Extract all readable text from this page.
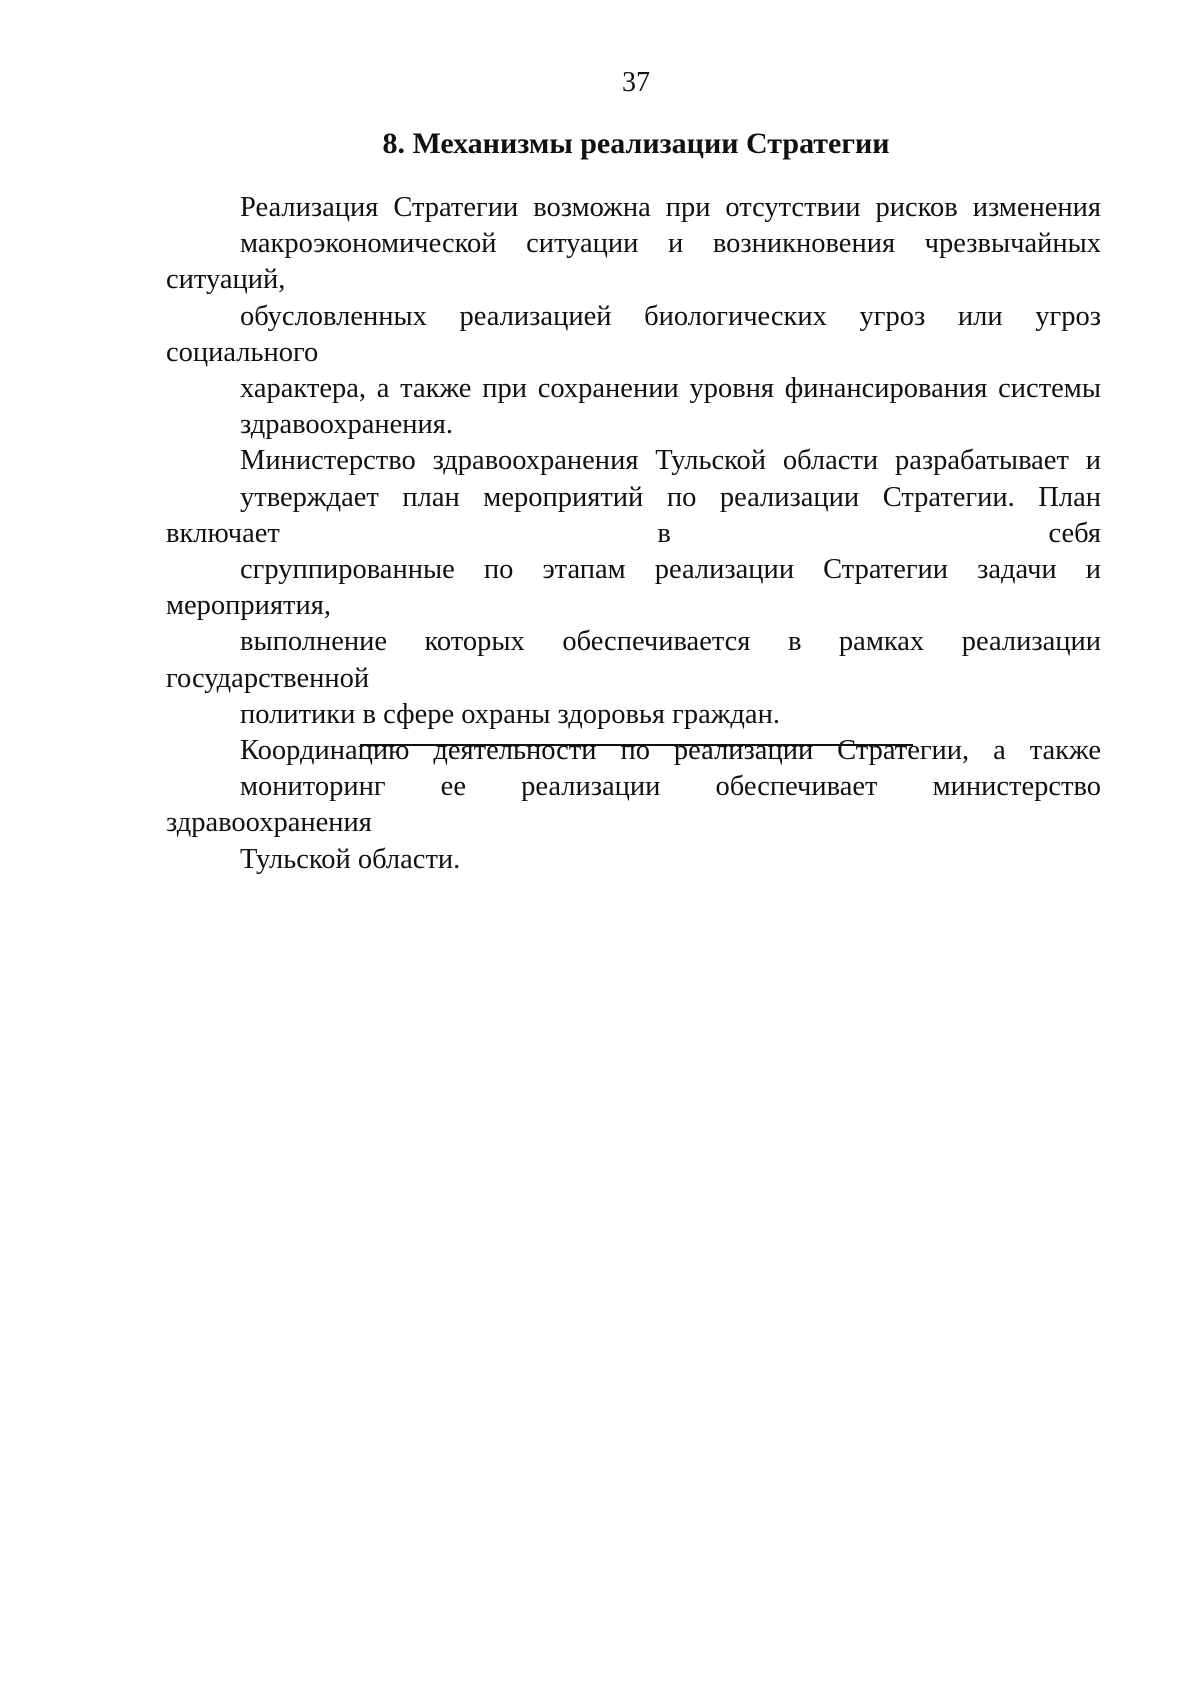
37
8. Механизмы реализации Стратегии

Реализация Стратегии возможна при отсутствии рисков изменения
макроэкономической ситуации и возникновения чрезвычайных ситуаций,
обусловленных реализацией биологических угроз или угроз социального
характера, а также при сохранении уровня финансирования системы
здравоохранения.

Министерство здравоохранения Тульской области разрабатывает и
утверждает план мероприятий по реализации Стратегии. План включает в себя
сгруппированные по этапам реализации Стратегии задачи и мероприятия,
выполнение которых обеспечивается в рамках реализации государственной
политики в сфере охраны здоровья граждан.

Координацию деятельности по реализации Стратегии, а также
мониторинг ее реализации обеспечивает министерство здравоохранения
Тульской области.
